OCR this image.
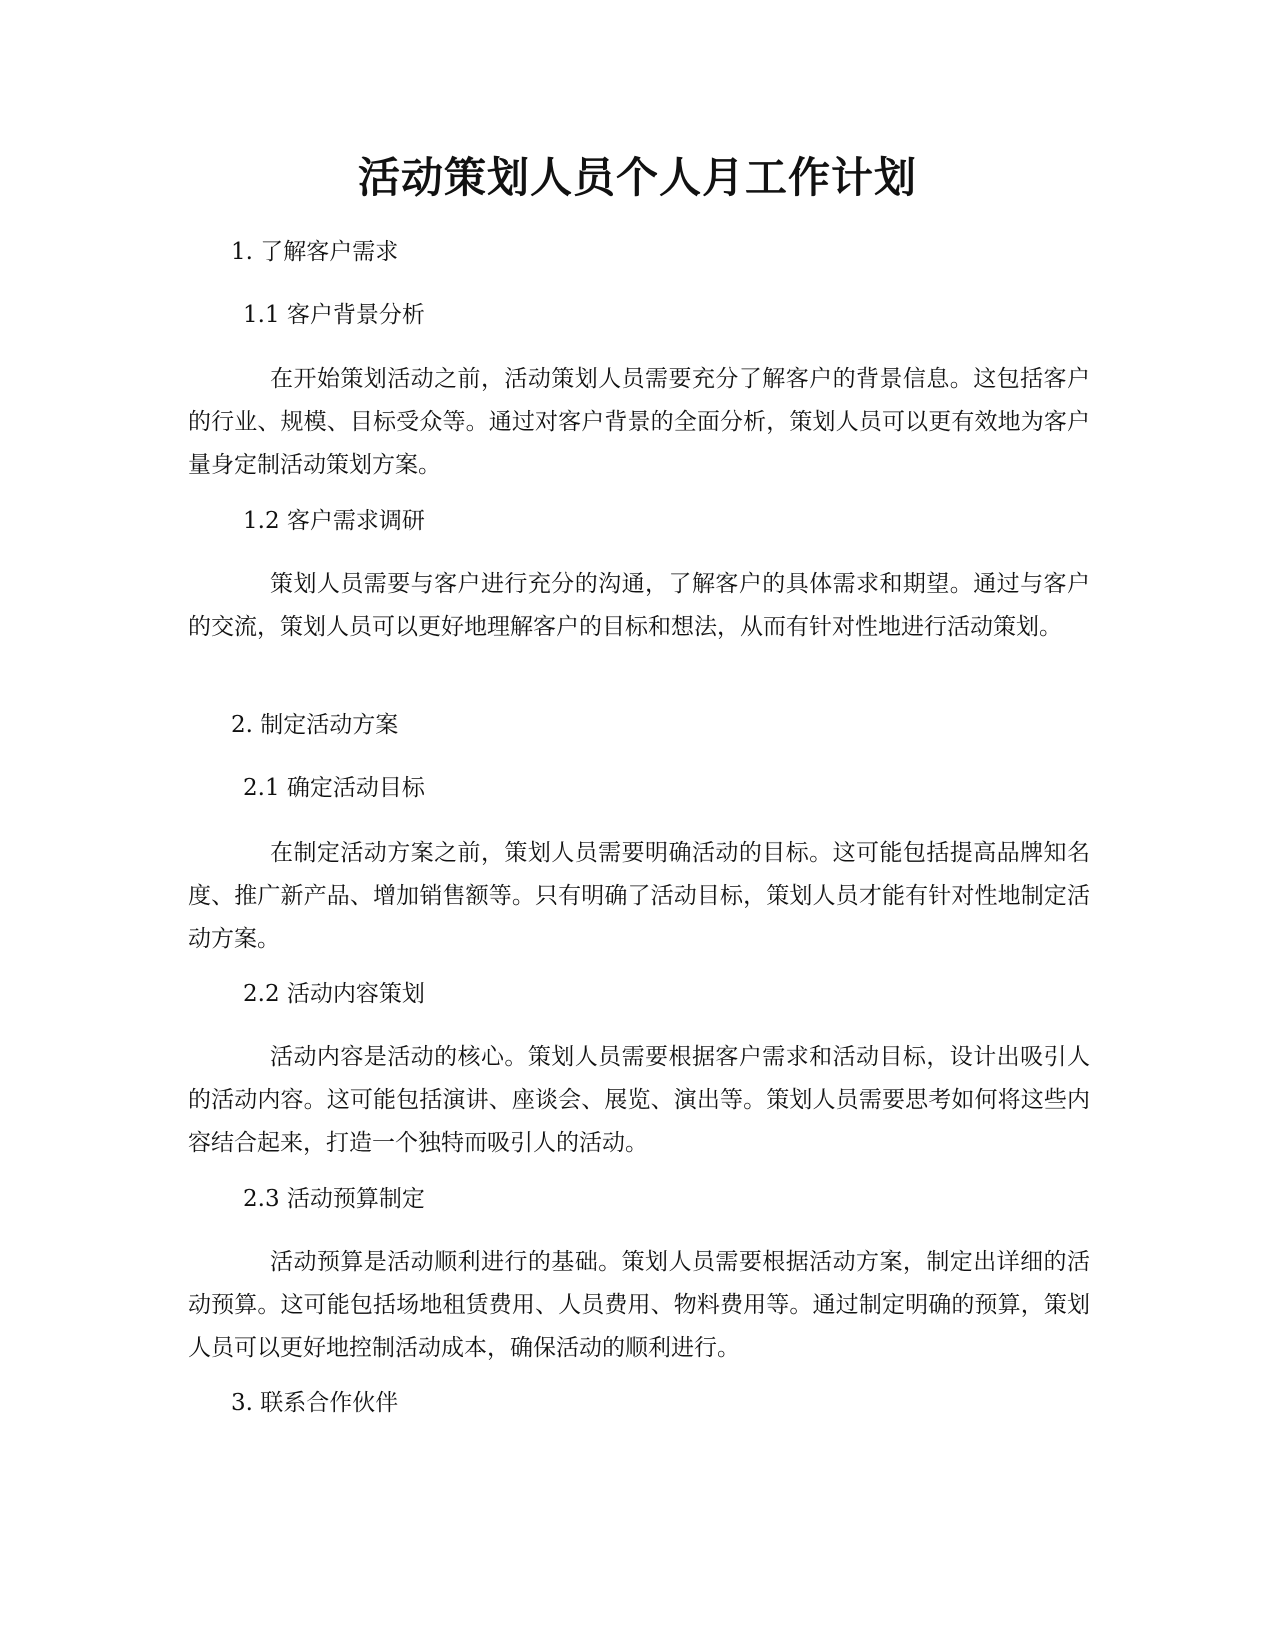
活动策划人员个人月工作计划

1. 了解客户需求

1.1 客户背景分析

在开始策划活动之前，活动策划人员需要充分了解客户的背景信息。这包括客户的行业、规模、目标受众等。通过对客户背景的全面分析，策划人员可以更有效地为客户量身定制活动策划方案。

1.2 客户需求调研

策划人员需要与客户进行充分的沟通，了解客户的具体需求和期望。通过与客户的交流，策划人员可以更好地理解客户的目标和想法，从而有针对性地进行活动策划。

2. 制定活动方案

2.1 确定活动目标

在制定活动方案之前，策划人员需要明确活动的目标。这可能包括提高品牌知名度、推广新产品、增加销售额等。只有明确了活动目标，策划人员才能有针对性地制定活动方案。

2.2 活动内容策划

活动内容是活动的核心。策划人员需要根据客户需求和活动目标，设计出吸引人的活动内容。这可能包括演讲、座谈会、展览、演出等。策划人员需要思考如何将这些内容结合起来，打造一个独特而吸引人的活动。

2.3 活动预算制定

活动预算是活动顺利进行的基础。策划人员需要根据活动方案，制定出详细的活动预算。这可能包括场地租赁费用、人员费用、物料费用等。通过制定明确的预算，策划人员可以更好地控制活动成本，确保活动的顺利进行。

3. 联系合作伙伴
